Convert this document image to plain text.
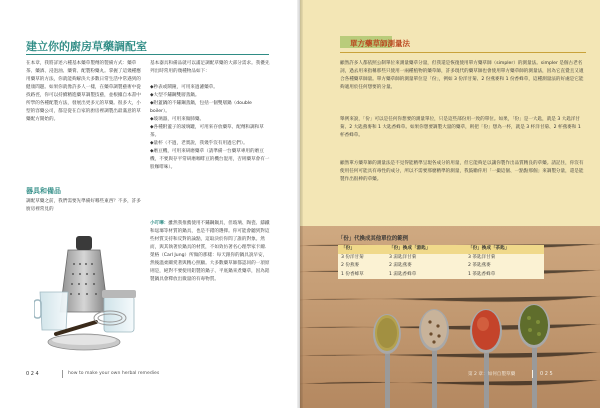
建立你的廚房草藥調配室
在本章，我將詳述六種基本藥草製劑的製備方式：藥草茶、藥酒、浸泡油、藥膏、配製粉藥丸。掌握了這幾種應用藥草的方法，你就能夠解決大多數日常生活中常遇到的健康問題。如果你就像許多人一樣，在藥草調製藝術中從找路徑，你可以持續精進藥草調製技藝，並根據自本書中所學的各種配製方法，發展出更多元的草藥。很多大，小型的容藥公司，都是從在自家的廚房裡調製出最滿意的草藥配方開始的。
器具和備品
調配草藥之前，我們需要先準備好哪些東西？不多，許多廚房裡常見的
基本器具和備品就可以滿足調配草藥的大部分需求。我優先列出時常用的幾種物品如下：
◆秒表或鬧鐘，可用來過濾藥草。
◆大型不鏽鋼雙層蒸鍋。
◆附蓋鍋的不鏽鋼蒸鍋，包括一個雙層鍋（double boiler）。
◆玻璃器，可用來做肺藥。
◆各種附蓋子的玻璃罐，可用來存放藥草、配劑和調和草茶。
◆量杯（不過，老實說，我幾乎沒有用過它們）。
◆磨豆機，可用來研磨藥草（請準備一台藥草專用的磨豆機，不要與存平常研磨咖啡豆的機台混用，否則藥草會有一股咖啡味）。
小叮嚀：雖然我推薦使用不鏽鋼鍋具，但玻璃、陶瓷、鑄鐵和琺瑯等材質的鍋具，也是不錯的選擇。你可能會聽到對這些材質支持和反對的論點，這取決於你問了誰的對象。然而，與其執著於鍋具的材質，不如效仿著名心理學家卡爾．榮格（Carl Jung）所做的那樣：每天跟你的鍋具說早安，然後溫柔關愛著與精心照顧。大多數藥草師都認同的一項原則是，絕對不要使用鋁製的鍋子、平底鍋來煮藥草，因為鋁製鍋具會釋放出微量的有毒物質。
0 2 4	how to make your own herbal remedies
單方藥草師測量法
顧然許多人都依照公制單位來測量藥草分量，但我還是恢復使用單方藥草師（simpler）的測量法。simpler 是個古老名詞，過去用來指稱那些只使用一兩種植物的藥草師，許多現代的藥草師也會使用單方藥草師的測量法，因為它直覺且又適合各種藥草師量。單方藥草師的測量單位是「份」，例如 3 份洋甘菊、2 份燕麥和 1 份香蜂草，這種測量法的好處是它能夠適用於任何想要的分量。
舉例來說，「份」可以是任何你想要的測量單位，只是這些部份用一致的單位。如果，「份」是一大匙，就是 3 大匙洋甘菊、2 大匙燕麥和 1 大匙香蜂草。如果你想要調製大量的藥草，則把「份」想為一杯，就是 3 杯洋甘菊、2 杯燕麥和 1 杯香蜂草。
顧然單方藥草師的測量法是不見得能精準呈現各成分的用量，但它能夠足以讓你製作出品質精良的草藥。請記住，你沒有使用任何可能具有毒性的成分，所以不需要那麼精準的測量，我鼓勵你用「一撮這個、一點點那個」來調製分量，還是能製作出很棒的草藥。
「份」代換成其他單位的範例
「份」	「份」換成「湯匙」	「份」換成「茶匙」
3 份洋甘菊	3 湯匙洋甘菊	3 茶匙洋甘菊
2 份燕麥	2 湯匙燕麥	2 茶匙燕麥
1 份香蜂草	1 湯匙香蜂草	1 茶匙香蜂草
第 2 章：如何自製草藥	0 2 5
